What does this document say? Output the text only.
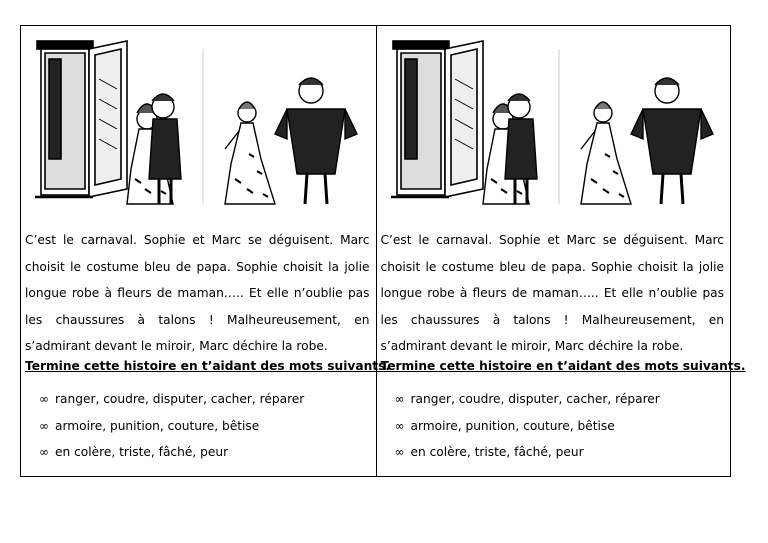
C’est le carnaval. Sophie et Marc se déguisent. Marc choisit le costume bleu de papa. Sophie choisit la jolie longue robe à fleurs de maman….. Et elle n’oublie pas les chaussures à talons ! Malheureusement, en s’admirant devant le miroir, Marc déchire la robe.

Termine cette histoire en t’aidant des mots suivants.

∞ ranger, coudre, disputer, cacher, réparer
∞ armoire, punition, couture, bêtise
∞ en colère, triste, fâché, peur

C’est le carnaval. Sophie et Marc se déguisent. Marc choisit le costume bleu de papa. Sophie choisit la jolie longue robe à fleurs de maman….. Et elle n’oublie pas les chaussures à talons ! Malheureusement, en s’admirant devant le miroir, Marc déchire la robe.

Termine cette histoire en t’aidant des mots suivants.

∞ ranger, coudre, disputer, cacher, réparer
∞ armoire, punition, couture, bêtise
∞ en colère, triste, fâché, peur
